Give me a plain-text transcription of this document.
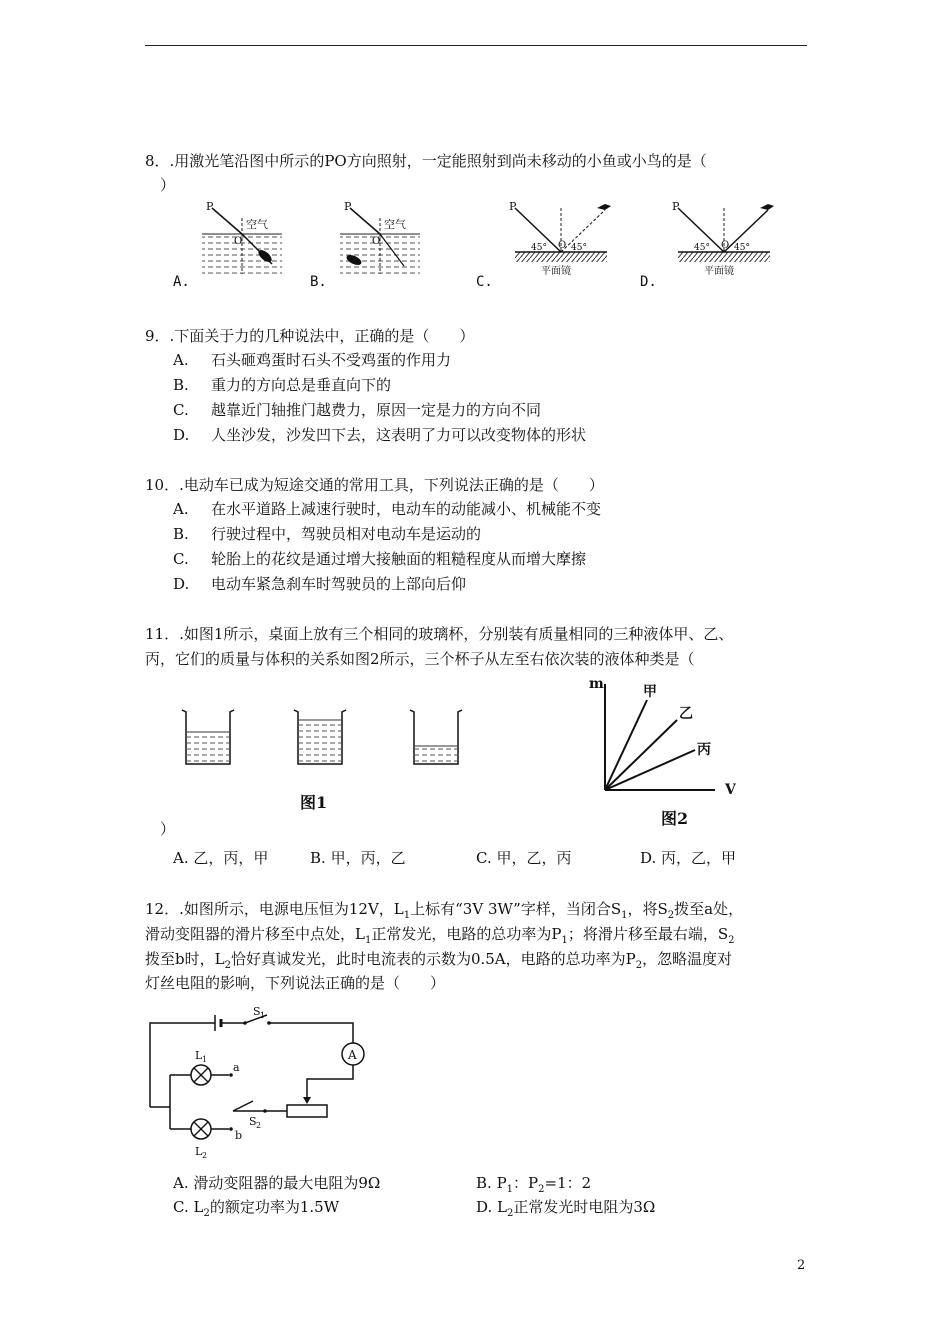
8．.用激光笔沿图中所示的PO方向照射，一定能照射到尚未移动的小鱼或小鸟的是（
）
P
O
空气
A.
P
O
空气
B.
P
O
45°	45°
平面镜
C.
P
O
45°	45°
平面镜
D.
9．.下面关于力的几种说法中，正确的是（　　）
A. 石头砸鸡蛋时石头不受鸡蛋的作用力
B. 重力的方向总是垂直向下的
C. 越靠近门轴推门越费力，原因一定是力的方向不同
D. 人坐沙发，沙发凹下去，这表明了力可以改变物体的形状
10．.电动车已成为短途交通的常用工具，下列说法正确的是（　　）
A. 在水平道路上减速行驶时，电动车的动能减小、机械能不变
B. 行驶过程中，驾驶员相对电动车是运动的
C. 轮胎上的花纹是通过增大接触面的粗糙程度从而增大摩擦
D. 电动车紧急刹车时驾驶员的上部向后仰
11．.如图1所示，桌面上放有三个相同的玻璃杯，分别装有质量相同的三种液体甲、乙、
丙，它们的质量与体积的关系如图2所示，三个杯子从左至右依次装的液体种类是（
图1
m
V
甲
乙
丙
图2
）
A. 乙，丙，甲	B. 甲，丙，乙	C. 甲，乙，丙	D. 丙，乙，甲
12．.如图所示，电源电压恒为12V，$L_1$上标有“3V 3W”字样，当闭合$S_1$，将$S_2$拨至a处，
滑动变阻器的滑片移至中点处，$L_1$正常发光，电路的总功率为$P_1$；将滑片移至最右端，$S_2$
拨至b时，$L_2$恰好真诚发光，此时电流表的示数为0.5A，电路的总功率为$P_2$，忽略温度对
灯丝电阻的影响，下列说法正确的是（　　）
S 1
A
L 1
a
L 2
b
S 2
A. 滑动变阻器的最大电阻为9Ω	B. $P_1$：$P_2=1$：2
C. $L_2$的额定功率为1.5W	D. $L_2$正常发光时电阻为3Ω
2
